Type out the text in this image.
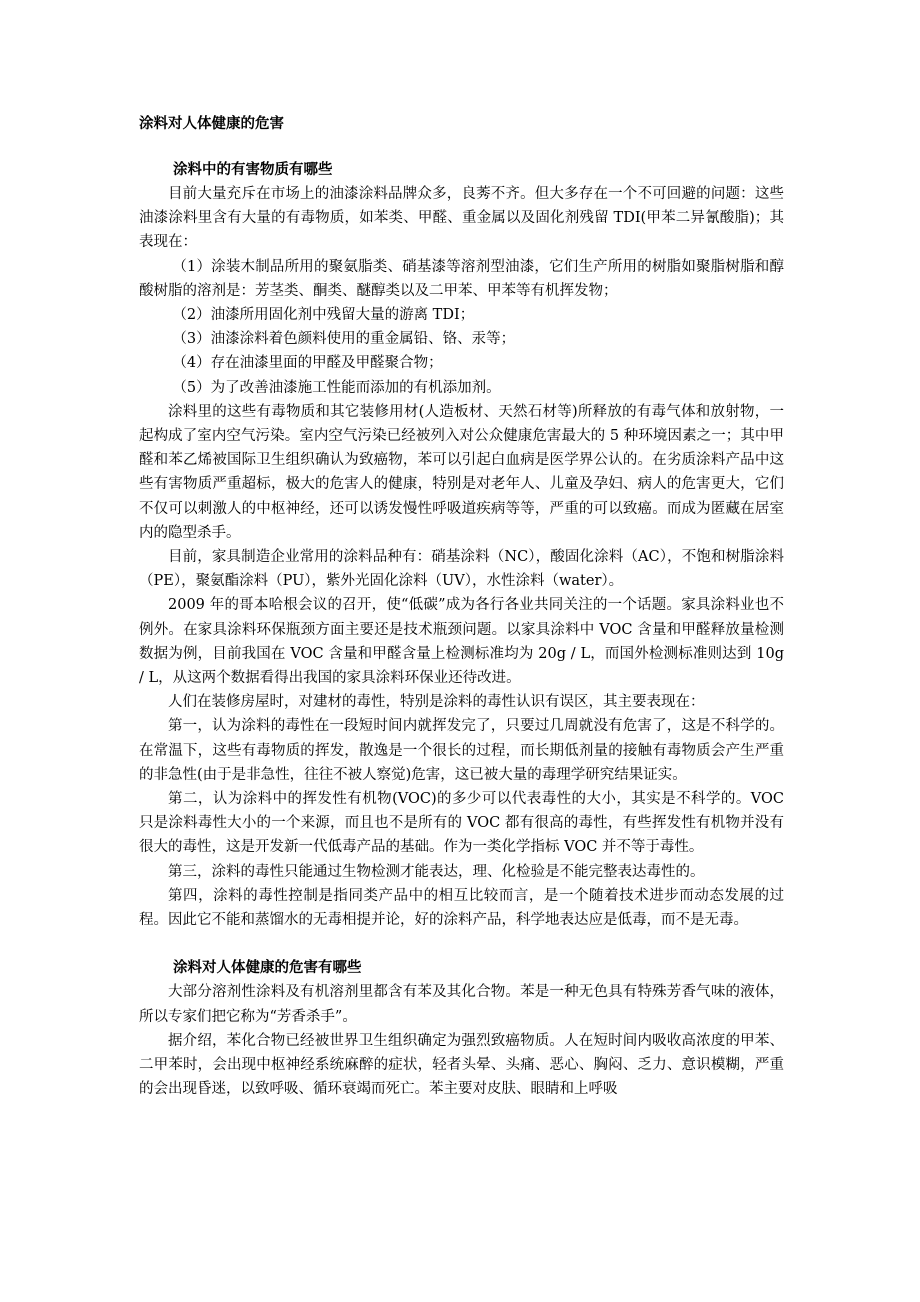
涂料对人体健康的危害
涂料中的有害物质有哪些

目前大量充斥在市场上的油漆涂料品牌众多，良莠不齐。但大多存在一个不可回避的问题：这些油漆涂料里含有大量的有毒物质，如苯类、甲醛、重金属以及固化剂残留 TDI(甲苯二异氰酸脂)；其表现在：

（1）涂装木制品所用的聚氨脂类、硝基漆等溶剂型油漆，它们生产所用的树脂如聚脂树脂和醇酸树脂的溶剂是：芳茎类、酮类、醚醇类以及二甲苯、甲苯等有机挥发物；

（2）油漆所用固化剂中残留大量的游离 TDI；

（3）油漆涂料着色颜料使用的重金属铅、铬、汞等；

（4）存在油漆里面的甲醛及甲醛聚合物；

（5）为了改善油漆施工性能而添加的有机添加剂。

涂料里的这些有毒物质和其它装修用材(人造板材、天然石材等)所释放的有毒气体和放射物，一起构成了室内空气污染。室内空气污染已经被列入对公众健康危害最大的 5 种环境因素之一；其中甲醛和苯乙烯被国际卫生组织确认为致癌物，苯可以引起白血病是医学界公认的。在劣质涂料产品中这些有害物质严重超标，极大的危害人的健康，特别是对老年人、儿童及孕妇、病人的危害更大，它们不仅可以刺激人的中枢神经，还可以诱发慢性呼吸道疾病等等，严重的可以致癌。而成为匿藏在居室内的隐型杀手。

目前，家具制造企业常用的涂料品种有：硝基涂料（NC），酸固化涂料（AC），不饱和树脂涂料（PE），聚氨酯涂料（PU），紫外光固化涂料（UV），水性涂料（water）。

2009 年的哥本哈根会议的召开，使“低碳”成为各行各业共同关注的一个话题。家具涂料业也不例外。在家具涂料环保瓶颈方面主要还是技术瓶颈问题。以家具涂料中 VOC 含量和甲醛释放量检测数据为例，目前我国在 VOC 含量和甲醛含量上检测标准均为 20g / L，而国外检测标准则达到 10g / L，从这两个数据看得出我国的家具涂料环保业还待改进。

人们在装修房屋时，对建材的毒性，特别是涂料的毒性认识有误区，其主要表现在：

第一，认为涂料的毒性在一段短时间内就挥发完了，只要过几周就没有危害了，这是不科学的。在常温下，这些有毒物质的挥发，散逸是一个很长的过程，而长期低剂量的接触有毒物质会产生严重的非急性(由于是非急性，往往不被人察觉)危害，这已被大量的毒理学研究结果证实。

第二，认为涂料中的挥发性有机物(VOC)的多少可以代表毒性的大小，其实是不科学的。VOC 只是涂料毒性大小的一个来源，而且也不是所有的 VOC 都有很高的毒性，有些挥发性有机物并没有很大的毒性，这是开发新一代低毒产品的基础。作为一类化学指标 VOC 并不等于毒性。

第三，涂料的毒性只能通过生物检测才能表达，理、化检验是不能完整表达毒性的。

第四，涂料的毒性控制是指同类产品中的相互比较而言，是一个随着技术进步而动态发展的过程。因此它不能和蒸馏水的无毒相提并论，好的涂料产品，科学地表达应是低毒，而不是无毒。

涂料对人体健康的危害有哪些

大部分溶剂性涂料及有机溶剂里都含有苯及其化合物。苯是一种无色具有特殊芳香气味的液体，所以专家们把它称为“芳香杀手”。

据介绍，苯化合物已经被世界卫生组织确定为强烈致癌物质。人在短时间内吸收高浓度的甲苯、二甲苯时，会出现中枢神经系统麻醉的症状，轻者头晕、头痛、恶心、胸闷、乏力、意识模糊，严重的会出现昏迷，以致呼吸、循环衰竭而死亡。苯主要对皮肤、眼睛和上呼吸
